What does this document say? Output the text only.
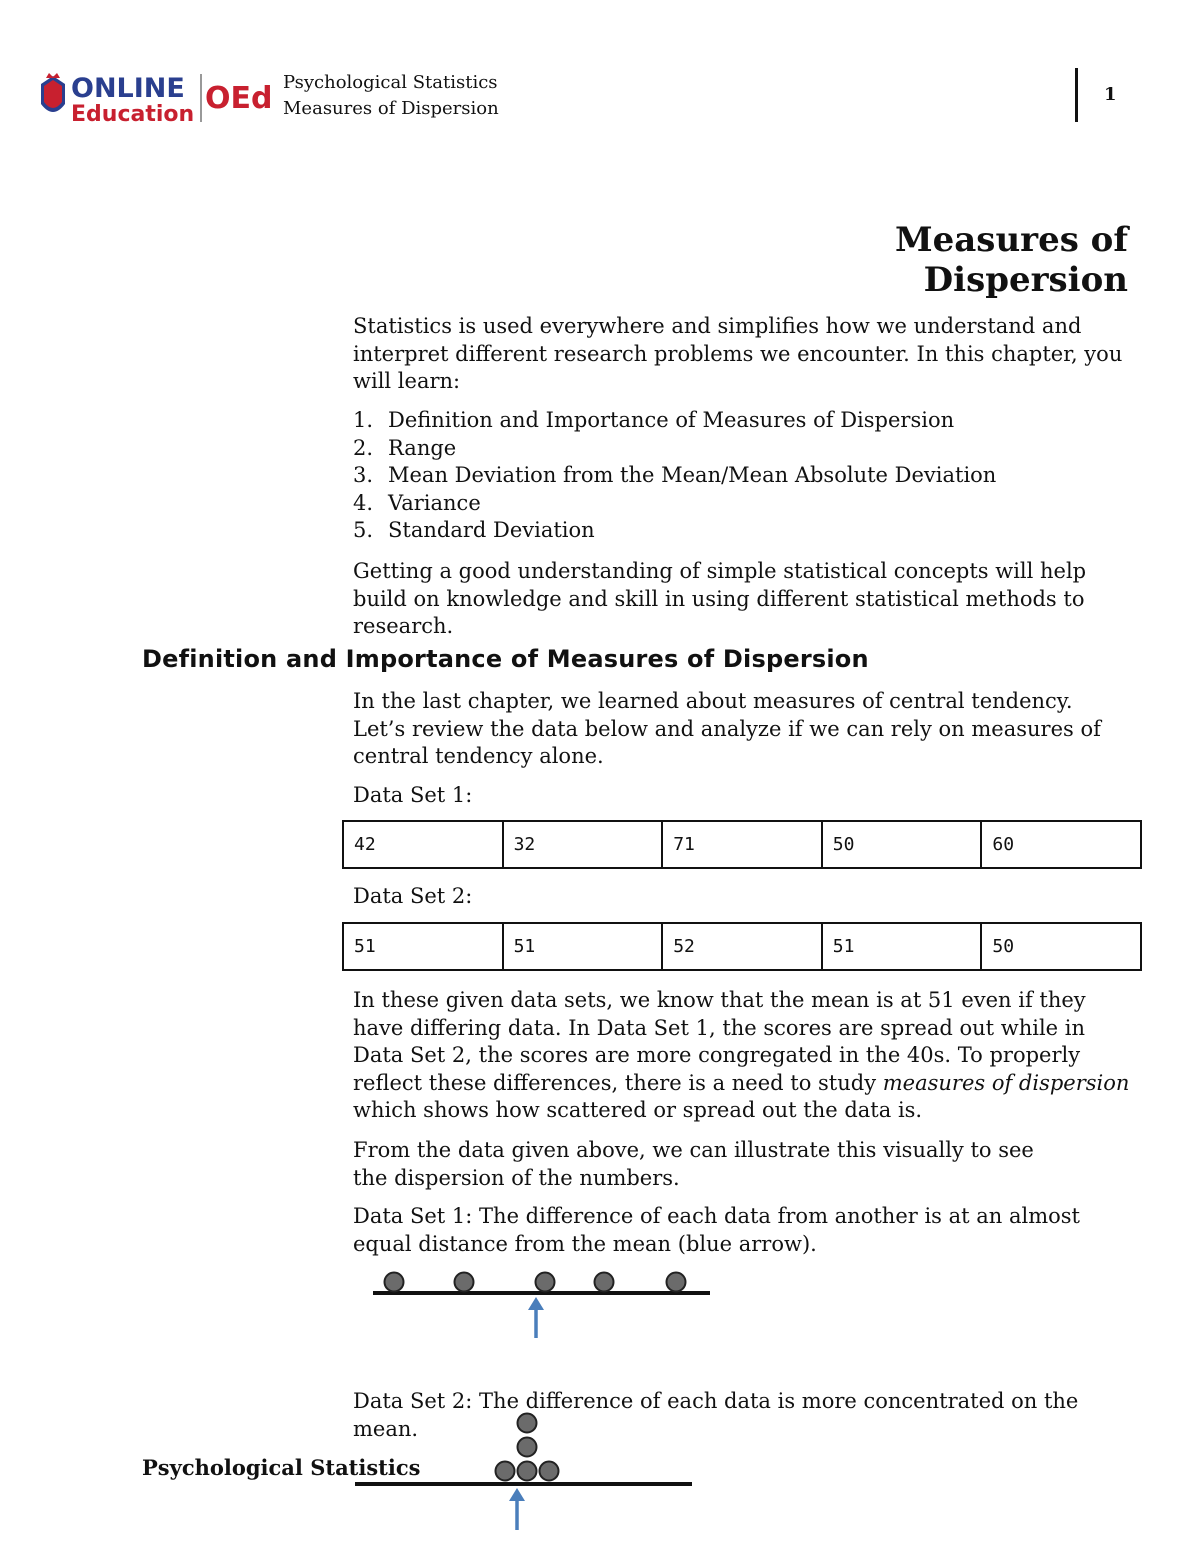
ONLINE
Education OEd Psychological Statistics
Measures of Dispersion
1
Measures of Dispersion
Statistics is used everywhere and simplifies how we understand and interpret different research problems we encounter. In this chapter, you will learn:
1. Definition and Importance of Measures of Dispersion
2. Range
3. Mean Deviation from the Mean/Mean Absolute Deviation
4. Variance
5. Standard Deviation
Getting a good understanding of simple statistical concepts will help build on knowledge and skill in using different statistical methods to research.
Definition and Importance of Measures of Dispersion
In the last chapter, we learned about measures of central tendency. Let’s review the data below and analyze if we can rely on measures of central tendency alone.
Data Set 1:
42	32	71	50	60
Data Set 2:
51	51	52	51	50
In these given data sets, we know that the mean is at 51 even if they have differing data. In Data Set 1, the scores are spread out while in Data Set 2, the scores are more congregated in the 40s. To properly reflect these differences, there is a need to study measures of dispersion which shows how scattered or spread out the data is.
From the data given above, we can illustrate this visually to see the dispersion of the numbers.
Data Set 1: The difference of each data from another is at an almost equal distance from the mean (blue arrow).
Data Set 2: The difference of each data is more concentrated on the mean.
Psychological Statistics
